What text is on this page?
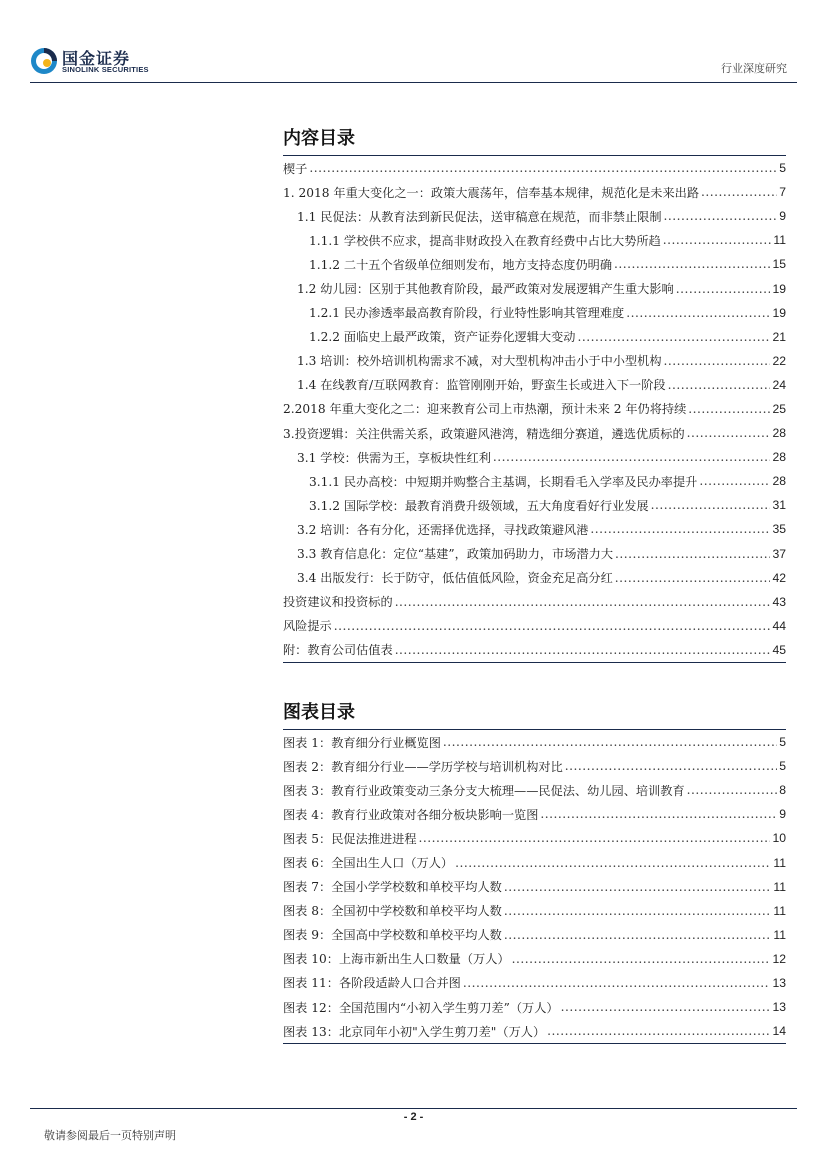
国金证券
SINOLINK SECURITIES	行业深度研究
内容目录
楔子 .....	5
1. 2018 年重大变化之一：政策大震荡年，信奉基本规律，规范化是未来出路 .....	7
1.1 民促法：从教育法到新民促法，送审稿意在规范，而非禁止限制 .....	9
1.1.1 学校供不应求，提高非财政投入在教育经费中占比大势所趋 .....	11
1.1.2 二十五个省级单位细则发布，地方支持态度仍明确 .....	15
1.2 幼儿园：区别于其他教育阶段，最严政策对发展逻辑产生重大影响 .....	19
1.2.1 民办渗透率最高教育阶段，行业特性影响其管理难度 .....	19
1.2.2 面临史上最严政策，资产证券化逻辑大变动 .....	21
1.3 培训：校外培训机构需求不减，对大型机构冲击小于中小型机构 .....	22
1.4 在线教育/互联网教育：监管刚刚开始，野蛮生长或进入下一阶段 .....	24
2.2018 年重大变化之二：迎来教育公司上市热潮，预计未来 2 年仍将持续 .....	25
3.投资逻辑：关注供需关系，政策避风港湾，精选细分赛道，遴选优质标的 .....	28
3.1 学校：供需为王，享板块性红利 .....	28
3.1.1 民办高校：中短期并购整合主基调，长期看毛入学率及民办率提升 .....	28
3.1.2 国际学校：最教育消费升级领域，五大角度看好行业发展 .....	31
3.2 培训：各有分化，还需择优选择，寻找政策避风港 .....	35
3.3 教育信息化：定位“基建”，政策加码助力，市场潜力大 .....	37
3.4 出版发行：长于防守，低估值低风险，资金充足高分红 .....	42
投资建议和投资标的 .....	43
风险提示 .....	44
附：教育公司估值表 .....	45
图表目录
图表 1：教育细分行业概览图 .....	5
图表 2：教育细分行业——学历学校与培训机构对比 .....	5
图表 3：教育行业政策变动三条分支大梳理——民促法、幼儿园、培训教育 .....	8
图表 4：教育行业政策对各细分板块影响一览图 .....	9
图表 5：民促法推进进程 .....	10
图表 6：全国出生人口（万人） .....	11
图表 7：全国小学学校数和单校平均人数 .....	11
图表 8：全国初中学校数和单校平均人数 .....	11
图表 9：全国高中学校数和单校平均人数 .....	11
图表 10：上海市新出生人口数量（万人） .....	12
图表 11：各阶段适龄人口合并图 .....	13
图表 12：全国范围内“小初入学生剪刀差”（万人） .....	13
图表 13：北京同年小初"入学生剪刀差"（万人） .....	14
- 2 -
敬请参阅最后一页特别声明
